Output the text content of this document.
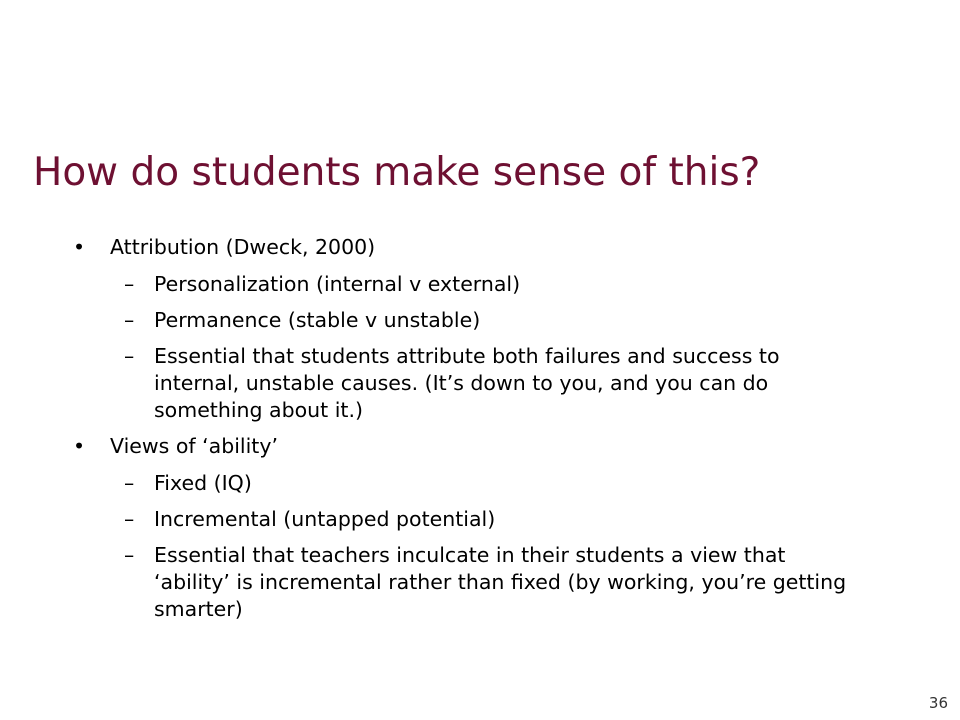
How do students make sense of this?
• Attribution (Dweck, 2000)
– Personalization (internal v external)
– Permanence (stable v unstable)
– Essential that students attribute both failures and success to internal, unstable causes. (It’s down to you, and you can do something about it.)
• Views of ‘ability’
– Fixed (IQ)
– Incremental (untapped potential)
– Essential that teachers inculcate in their students a view that ‘ability’ is incremental rather than fixed (by working, you’re getting smarter)
36
